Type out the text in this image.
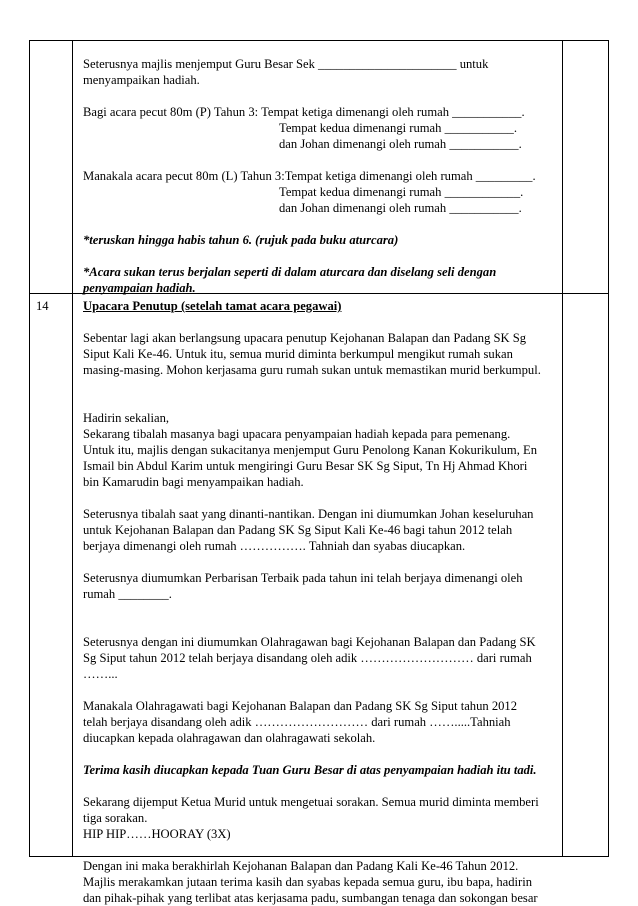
Seterusnya majlis menjemput Guru Besar Sek ______________________ untuk

menyampaikan hadiah.

Bagi acara pecut 80m (P) Tahun 3: Tempat ketiga dimenangi oleh rumah ___________.

Tempat kedua dimenangi rumah ___________.

dan Johan dimenangi oleh rumah ___________.

Manakala acara pecut 80m (L) Tahun 3:Tempat ketiga dimenangi oleh rumah _________.

Tempat kedua dimenangi rumah ____________.

dan Johan dimenangi oleh rumah ___________.

*teruskan hingga habis tahun 6. (rujuk pada buku aturcara)

*Acara sukan terus berjalan seperti di dalam aturcara dan diselang seli dengan

penyampaian hadiah.

14	Upacara Penutup (setelah tamat acara pegawai)

Sebentar lagi akan berlangsung upacara penutup Kejohanan Balapan dan Padang SK Sg

Siput Kali Ke-46. Untuk itu, semua murid diminta berkumpul mengikut rumah sukan

masing-masing. Mohon kerjasama guru rumah sukan untuk memastikan murid berkumpul.

Hadirin sekalian,

Sekarang tibalah masanya bagi upacara penyampaian hadiah kepada para pemenang.

Untuk itu, majlis dengan sukacitanya menjemput Guru Penolong Kanan Kokurikulum, En

Ismail bin Abdul Karim untuk mengiringi Guru Besar SK Sg Siput, Tn Hj Ahmad Khori

bin Kamarudin bagi menyampaikan hadiah.

Seterusnya tibalah saat yang dinanti-nantikan. Dengan ini diumumkan Johan keseluruhan

untuk Kejohanan Balapan dan Padang SK Sg Siput Kali Ke-46 bagi tahun 2012 telah

berjaya dimenangi oleh rumah ……………. Tahniah dan syabas diucapkan.

Seterusnya diumumkan Perbarisan Terbaik pada tahun ini telah berjaya dimenangi oleh

rumah ________.

Seterusnya dengan ini diumumkan Olahragawan bagi Kejohanan Balapan dan Padang SK

Sg Siput tahun 2012 telah berjaya disandang oleh adik ……………………… dari rumah

……...

Manakala Olahragawati bagi Kejohanan Balapan dan Padang SK Sg Siput tahun 2012

telah berjaya disandang oleh adik ……………………… dari rumah …….....Tahniah

diucapkan kepada olahragawan dan olahragawati sekolah.

Terima kasih diucapkan kepada Tuan Guru Besar di atas penyampaian hadiah itu tadi.

Sekarang dijemput Ketua Murid untuk mengetuai sorakan. Semua murid diminta memberi

tiga sorakan.

HIP HIP……HOORAY (3X)

Dengan ini maka berakhirlah Kejohanan Balapan dan Padang Kali Ke-46 Tahun 2012.

Majlis merakamkan jutaan terima kasih dan syabas kepada semua guru, ibu bapa, hadirin

dan pihak-pihak yang terlibat atas kerjasama padu, sumbangan tenaga dan sokongan besar
